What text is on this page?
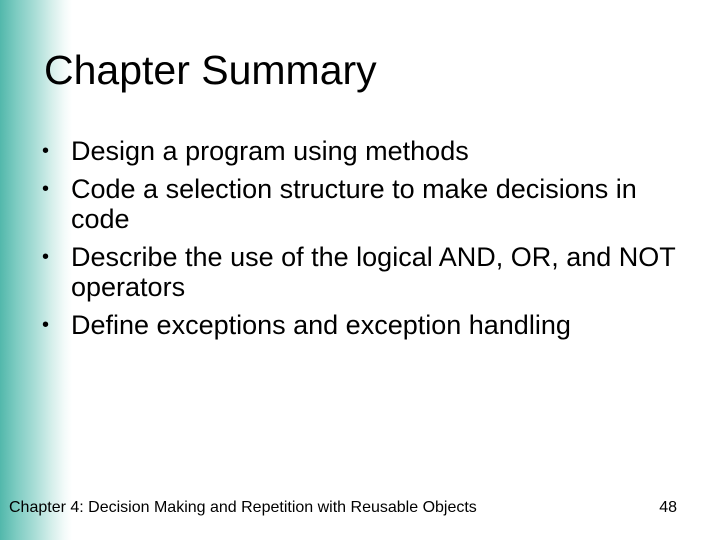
Chapter Summary
• Design a program using methods
• Code a selection structure to make decisions in code
• Describe the use of the logical AND, OR, and NOT operators
• Define exceptions and exception handling
Chapter 4: Decision Making and Repetition with Reusable Objects	48
